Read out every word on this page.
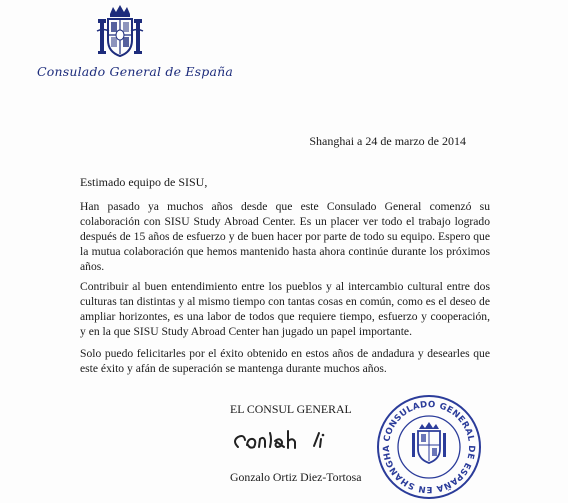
Consulado General de España
Shanghai a 24 de marzo de 2014
Estimado equipo de SISU,

Han pasado ya muchos años desde que este Consulado General comenzó su colaboración con SISU Study Abroad Center. Es un placer ver todo el trabajo logrado después de 15 años de esfuerzo y de buen hacer por parte de todo su equipo. Espero que la mutua colaboración que hemos mantenido hasta ahora continúe durante los próximos años.

Contribuir al buen entendimiento entre los pueblos y al intercambio cultural entre dos culturas tan distintas y al mismo tiempo con tantas cosas en común, como es el deseo de ampliar horizontes, es una labor de todos que requiere tiempo, esfuerzo y cooperación, y en la que SISU Study Abroad Center han jugado un papel importante.

Solo puedo felicitarles por el éxito obtenido en estos años de andadura y desearles que este éxito y afán de superación se mantenga durante muchos años.

EL CONSUL GENERAL
Gonzalo Ortiz Diez-Tortosa
CONSULADO GENERAL DE ESPAÑA EN SHANGHA
